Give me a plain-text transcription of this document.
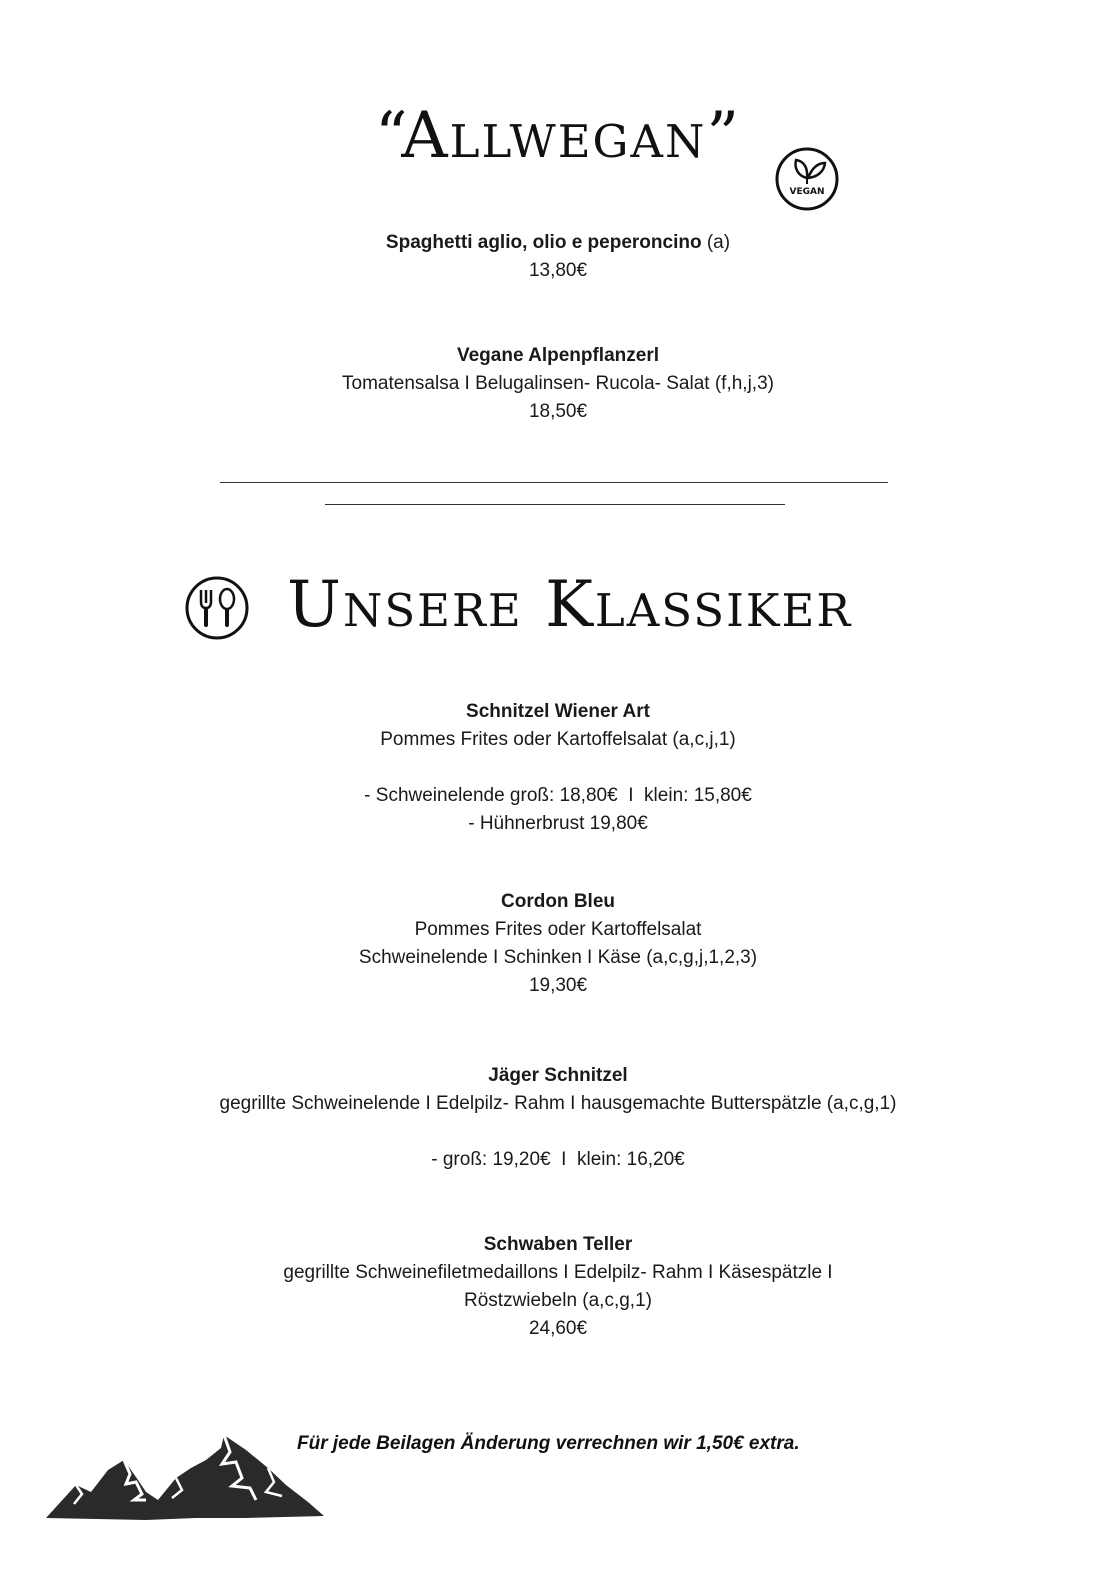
“Allwegan”
VEGAN
Spaghetti aglio, olio e peperoncino (a)
13,80€
Vegane Alpenpflanzerl
Tomatensalsa I Belugalinsen- Rucola- Salat (f,h,j,3)
18,50€
Unsere Klassiker
Schnitzel Wiener Art
Pommes Frites oder Kartoffelsalat (a,c,j,1)

- Schweinelende groß: 18,80€  I  klein: 15,80€
- Hühnerbrust 19,80€
Cordon Bleu
Pommes Frites oder Kartoffelsalat
Schweinelende I Schinken I Käse (a,c,g,j,1,2,3)
19,30€
Jäger Schnitzel
gegrillte Schweinelende I Edelpilz- Rahm I hausgemachte Butterspätzle (a,c,g,1)

- groß: 19,20€  I  klein: 16,20€
Schwaben Teller
gegrillte Schweinefiletmedaillons I Edelpilz- Rahm I Käsespätzle I
Röstzwiebeln (a,c,g,1)
24,60€
Für jede Beilagen Änderung verrechnen wir 1,50€ extra.
